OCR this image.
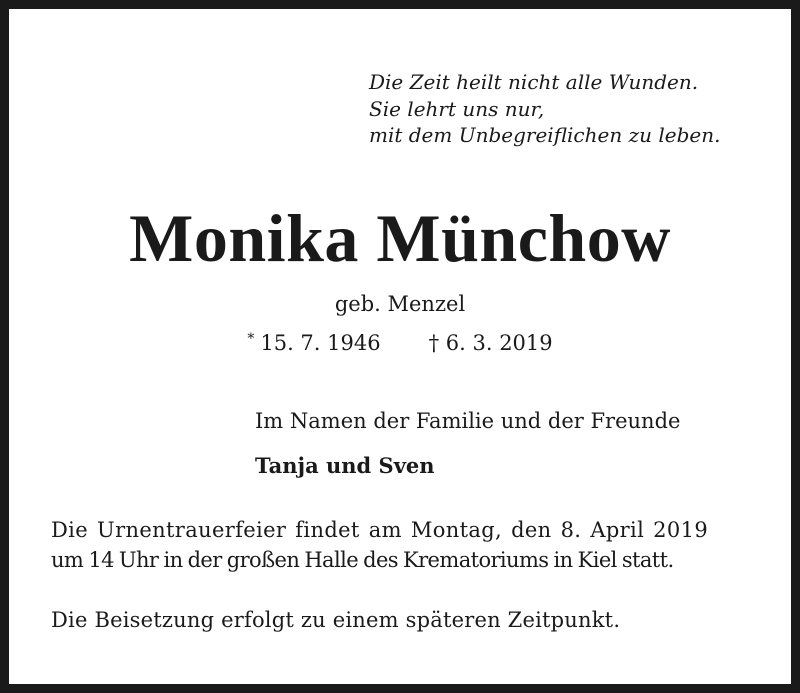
Die Zeit heilt nicht alle Wunden.
Sie lehrt uns nur,
mit dem Unbegreiflichen zu leben.
Monika Münchow
geb. Menzel
* 15. 7. 1946 † 6. 3. 2019
Im Namen der Familie und der Freunde
Tanja und Sven
Die Urnentrauerfeier findet am Montag, den 8. April 2019
um 14 Uhr in der großen Halle des Krematoriums in Kiel statt.
Die Beisetzung erfolgt zu einem späteren Zeitpunkt.
